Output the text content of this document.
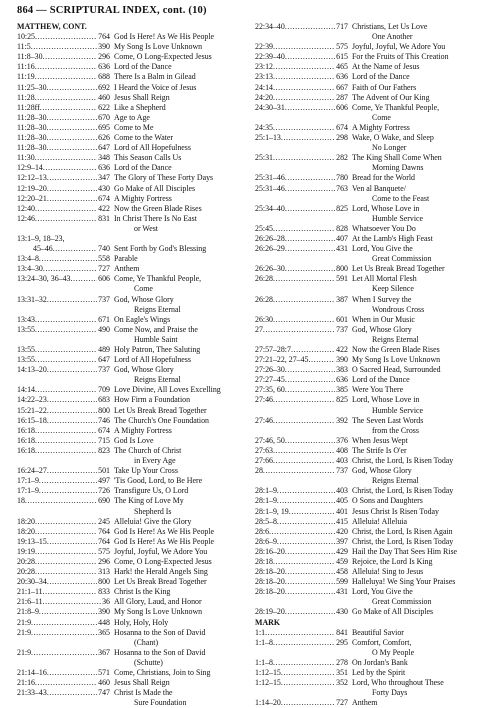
864 — SCRIPTURAL INDEX, cont. (10)
MATTHEW, CONT.
10:25 .....	764 God Is Here! As We His People
11:5 .....	390 My Song Is Love Unknown
11:8–30 .....	296 Come, O Long-Expected Jesus
11:16 .....	636 Lord of the Dance
11:19 .....	688 There Is a Balm in Gilead
11:25–30 .....	692 I Heard the Voice of Jesus
11:28 .....	460 Jesus Shall Reign
11:28ff .....	622 Like a Shepherd
11:28–30 .....	670 Age to Age
11:28–30 .....	695 Come to Me
11:28–30 .....	626 Come to the Water
11:28–30 .....	647 Lord of All Hopefulness
11:30 .....	348 This Season Calls Us
12:9–14 .....	636 Lord of the Dance
12:12–13 .....	347 The Glory of These Forty Days
12:19–20 .....	430 Go Make of All Disciples
12:20–21 .....	674 A Mighty Fortress
12:40 .....	422 Now the Green Blade Rises
12:46 .....	831 In Christ There Is No East
or West
13:1–9, 18–23,
45–46 .....	740 Sent Forth by God's Blessing
13:4–8 .....	558 Parable
13:4–30 .....	727 Anthem
13:24–30, 36–43 .....	606 Come, Ye Thankful People,
Come
13:31–32 .....	737 God, Whose Glory
Reigns Eternal
13:43 .....	671 On Eagle's Wings
13:55 .....	490 Come Now, and Praise the
Humble Saint
13:55 .....	489 Holy Patron, Thee Saluting
13:55 .....	647 Lord of All Hopefulness
14:13–20 .....	737 God, Whose Glory
Reigns Eternal
14:14 .....	709 Love Divine, All Loves Excelling
14:22–23 .....	683 How Firm a Foundation
15:21–22 .....	800 Let Us Break Bread Together
16:15–18 .....	746 The Church's One Foundation
16:18 .....	674 A Mighty Fortress
16:18 .....	715 God Is Love
16:18 .....	823 The Church of Christ
in Every Age
16:24–27 .....	501 Take Up Your Cross
17:1–9 .....	497 'Tis Good, Lord, to Be Here
17:1–9 .....	726 Transfigure Us, O Lord
18 .....	690 The King of Love My
Shepherd Is
18:20 .....	245 Alleluia! Give the Glory
18:20 .....	764 God Is Here! As We His People
19:13–15 .....	764 God Is Here! As We His People
19:19 .....	575 Joyful, Joyful, We Adore You
20:28 .....	296 Come, O Long-Expected Jesus
20:28 .....	313 Hark! the Herald Angels Sing
20:30–34 .....	800 Let Us Break Bread Together
21:1–11 .....	833 Christ Is the King
21:6–11 .....	36 All Glory, Laud, and Honor
21:8–9 .....	390 My Song Is Love Unknown
21:9 .....	448 Holy, Holy, Holy
21:9 .....	365 Hosanna to the Son of David
(Chant)
21:9 .....	367 Hosanna to the Son of David
(Schutte)
21:14–16 .....	571 Come, Christians, Join to Sing
21:16 .....	460 Jesus Shall Reign
21:33–43 .....	747 Christ Is Made the
Sure Foundation
22:34–40 .....	717 Christians, Let Us Love
One Another
22:39 .....	575 Joyful, Joyful, We Adore You
22:39–40 .....	615 For the Fruits of This Creation
23:12 .....	465 At the Name of Jesus
23:13 .....	636 Lord of the Dance
24:14 .....	667 Faith of Our Fathers
24:20 .....	287 The Advent of Our King
24:30–31 .....	606 Come, Ye Thankful People,
Come
24:35 .....	674 A Mighty Fortress
25:1–13 .....	298 Wake, O Wake, and Sleep
No Longer
25:31 .....	282 The King Shall Come When
Morning Dawns
25:31–46 .....	780 Bread for the World
25:31–46 .....	763 Ven al Banquete/
Come to the Feast
25:34–40 .....	825 Lord, Whose Love in
Humble Service
25:45 .....	828 Whatsoever You Do
26:26–28 .....	407 At the Lamb's High Feast
26:26–29 .....	431 Lord, You Give the
Great Commission
26:26–30 .....	800 Let Us Break Bread Together
26:28 .....	591 Let All Mortal Flesh
Keep Silence
26:28 .....	387 When I Survey the
Wondrous Cross
26:30 .....	601 When in Our Music
27 .....	737 God, Whose Glory
Reigns Eternal
27:57–28:7 .....	422 Now the Green Blade Rises
27:21–22, 27–45 .....	390 My Song Is Love Unknown
27:26–30 .....	383 O Sacred Head, Surrounded
27:27–45 .....	636 Lord of the Dance
27:35, 60 .....	385 Were You There
27:46 .....	825 Lord, Whose Love in
Humble Service
27:46 .....	392 The Seven Last Words
from the Cross
27:46, 50 .....	376 When Jesus Wept
27:63 .....	408 The Strife Is O'er
27:66 .....	403 Christ, the Lord, Is Risen Today
28 .....	737 God, Whose Glory
Reigns Eternal
28:1–9 .....	403 Christ, the Lord, Is Risen Today
28:1–9 .....	405 O Sons and Daughters
28:1–9, 19 .....	401 Jesus Christ Is Risen Today
28:5–8 .....	415 Alleluia! Alleluia
28:6 .....	420 Christ, the Lord, Is Risen Again
28:6–9 .....	397 Christ, the Lord, Is Risen Today
28:16–20 .....	429 Hail the Day That Sees Him Rise
28:18 .....	459 Rejoice, the Lord Is King
28:18–20 .....	458 Alleluia! Sing to Jesus
28:18–20 .....	599 Halleluya! We Sing Your Praises
28:18–20 .....	431 Lord, You Give the
Great Commission
28:19–20 .....	430 Go Make of All Disciples
MARK
1:1 .....	841 Beautiful Savior
1:1–8 .....	295 Comfort, Comfort,
O My People
1:1–8 .....	278 On Jordan's Bank
1:12–15 .....	351 Led by the Spirit
1:12–15 .....	352 Lord, Who throughout These
Forty Days
1:14–20 .....	727 Anthem
